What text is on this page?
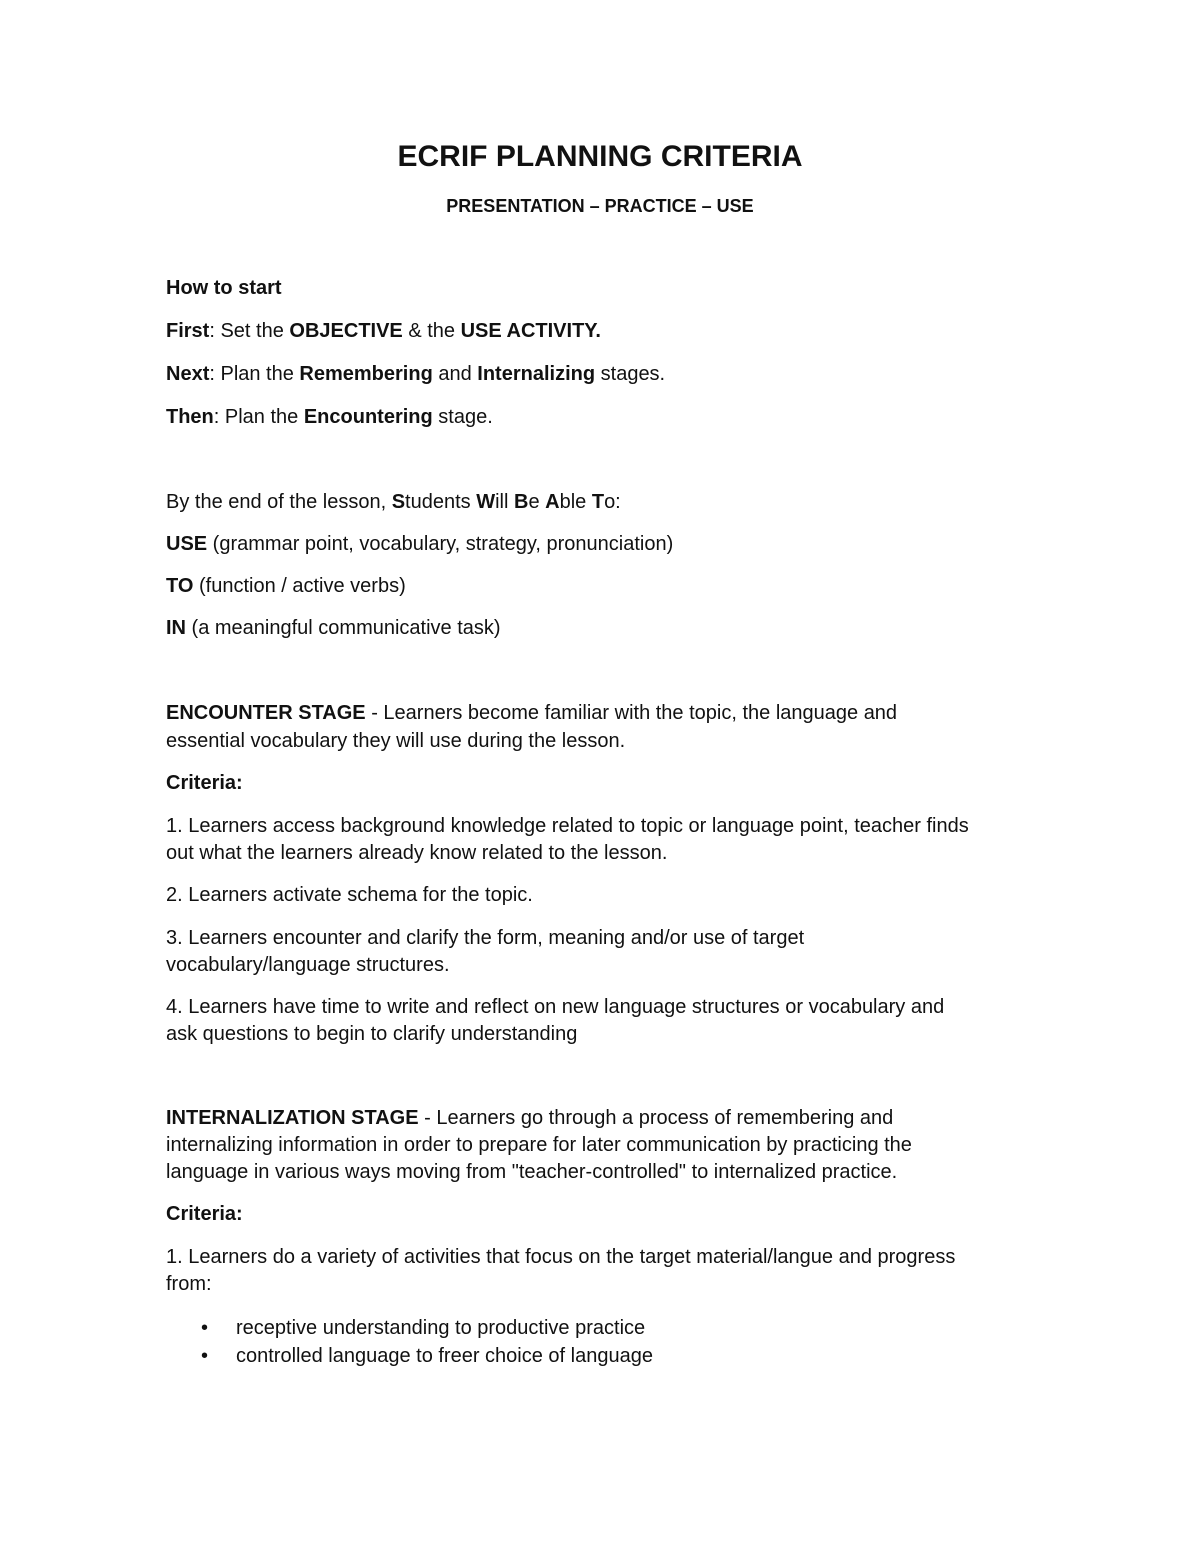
ECRIF PLANNING CRITERIA
PRESENTATION – PRACTICE – USE

How to start

First: Set the OBJECTIVE & the USE ACTIVITY.

Next: Plan the Remembering and Internalizing stages.

Then: Plan the Encountering stage.

By the end of the lesson, Students Will Be Able To:

USE (grammar point, vocabulary, strategy, pronunciation)

TO (function / active verbs)

IN (a meaningful communicative task)

ENCOUNTER STAGE - Learners become familiar with the topic, the language and

essential vocabulary they will use during the lesson.

Criteria:

1. Learners access background knowledge related to topic or language point, teacher finds

out what the learners already know related to the lesson.

2. Learners activate schema for the topic.

3. Learners encounter and clarify the form, meaning and/or use of target

vocabulary/language structures.

4. Learners have time to write and reflect on new language structures or vocabulary and

ask questions to begin to clarify understanding

INTERNALIZATION STAGE - Learners go through a process of remembering and

internalizing information in order to prepare for later communication by practicing the

language in various ways moving from "teacher-controlled" to internalized practice.

Criteria:

1. Learners do a variety of activities that focus on the target material/langue and progress

from:

• receptive understanding to productive practice
• controlled language to freer choice of language
